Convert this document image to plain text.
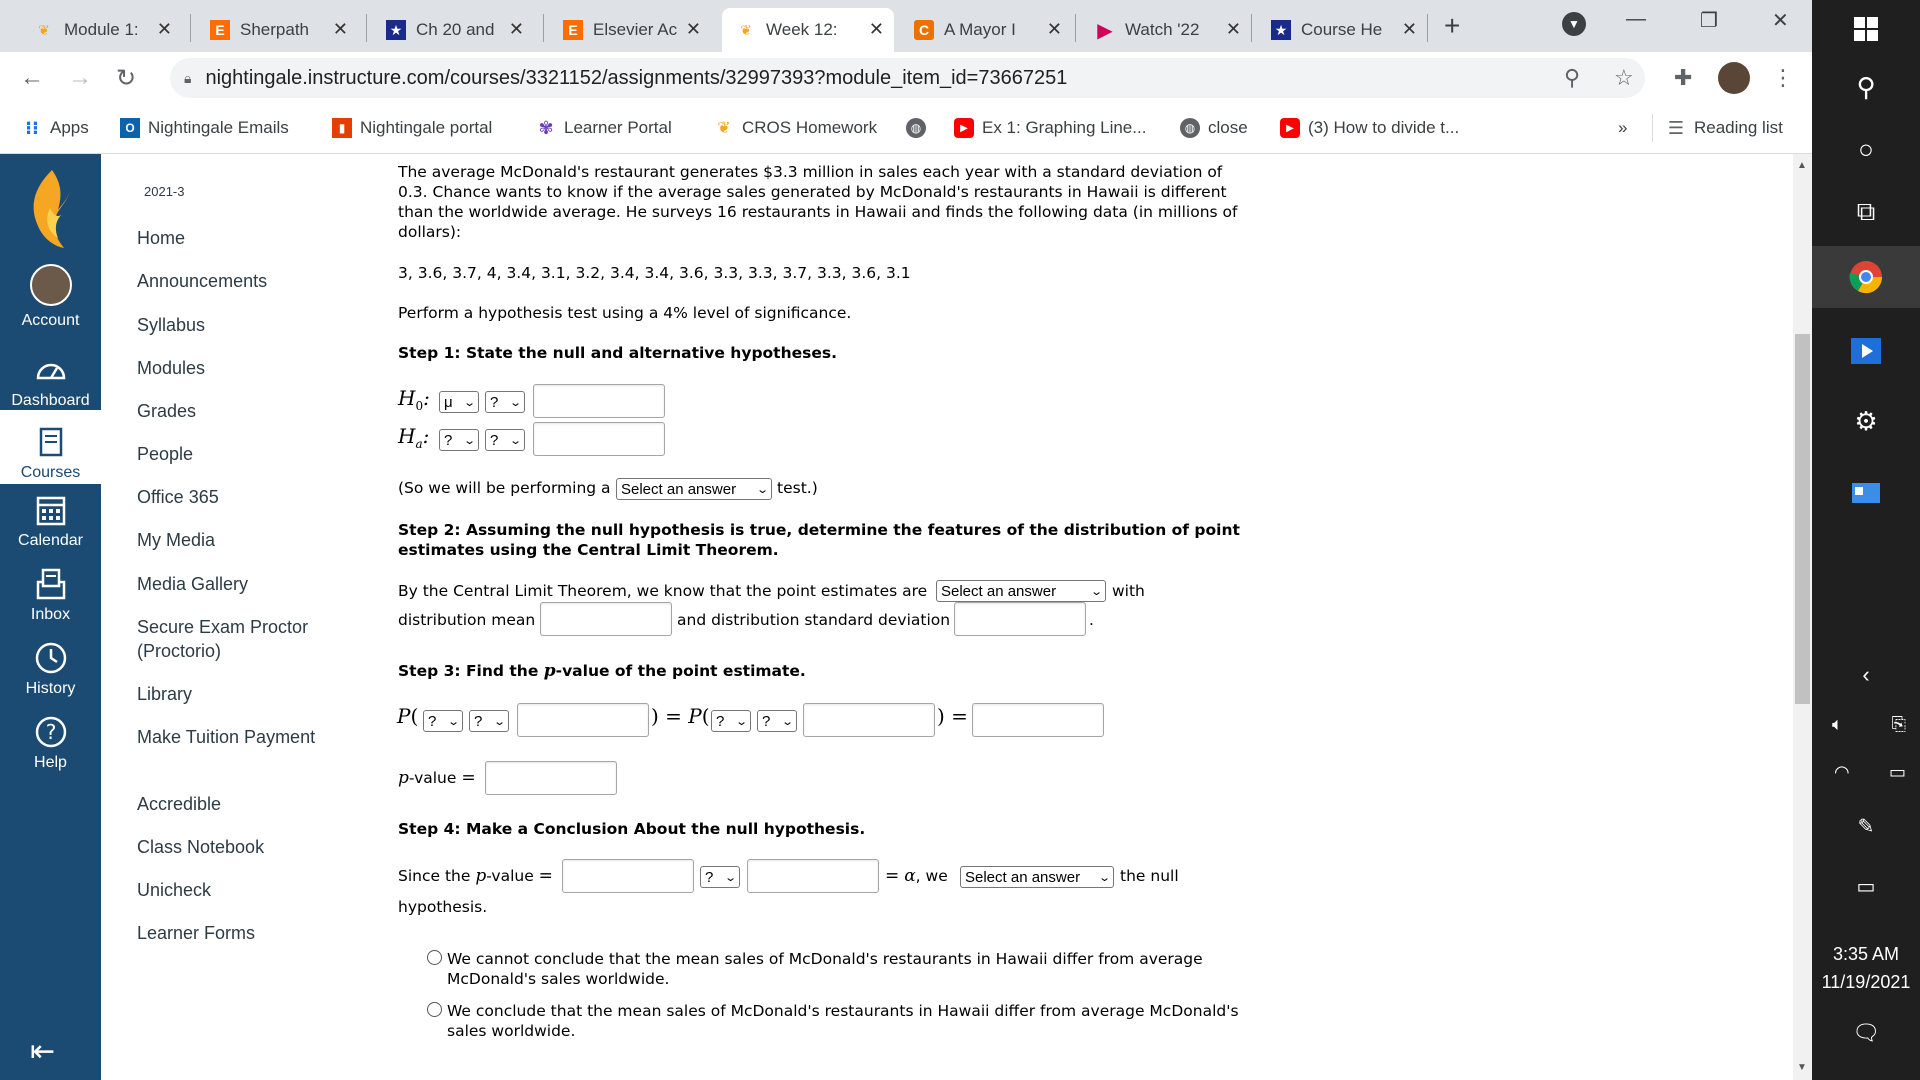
❦ Module 1:	✕	E Sherpath	✕	★ Ch 20 and ✕	E Elsevier Ac ✕	❦ Week 12:	✕	C A Mayor I	✕ ▶ Watch '22	✕ ★ Course He	✕ +	▼	—	❐	✕
← → ↻	🔒︎ nightingale.instructure.com/courses/3321152/assignments/32997393?module_item_id=73667251	⚲ ☆ ✚	⋮
⁝⁝ Apps	O Nightingale Emails	▮ Nightingale portal	✾ Learner Portal	❦ CROS Homework	◍	▶ Ex 1: Graphing Line...	◍ close	▶ (3) How to divide t...	» ☰ Reading list
Account
Dashboard
Courses
Calendar
Inbox
History
?
Help
⇤
2021-3
Home
Announcements
Syllabus
Modules
Grades
People
Office 365
My Media
Media Gallery
Secure Exam Proctor (Proctorio)
Library
Make Tuition Payment
Accredible
Class Notebook
Unicheck
Learner Forms
The average McDonald's restaurant generates $3.3 million in sales each year with a standard deviation of
0.3. Chance wants to know if the average sales generated by McDonald's restaurants in Hawaii is different
than the worldwide average. He surveys 16 restaurants in Hawaii and finds the following data (in millions of
dollars):
3, 3.6, 3.7, 4, 3.4, 3.1, 3.2, 3.4, 3.4, 3.6, 3.3, 3.3, 3.7, 3.3, 3.6, 3.1
Perform a hypothesis test using a 4% level of significance.
Step 1: State the null and alternative hypotheses.
$H_0$: μ ⌄ ? ⌄
$H_a$: ? ⌄ ? ⌄
(So we will be performing a Select an answer ⌄ test.)
Step 2: Assuming the null hypothesis is true, determine the features of the distribution of point
estimates using the Central Limit Theorem.
By the Central Limit Theorem, we know that the point estimates are Select an answer	⌄ with
distribution mean	and distribution standard deviation	.
Step 3: Find the p-value of the point estimate.
P( ? ⌄ ? ⌄	) = P( ? ⌄ ? ⌄	) =
p-value =
Step 4: Make a Conclusion About the null hypothesis.
Since the p-value =	? ⌄	= α, we Select an answer ⌄ the null
hypothesis.
We cannot conclude that the mean sales of McDonald's restaurants in Hawaii differ from average
McDonald's sales worldwide.
We conclude that the mean sales of McDonald's restaurants in Hawaii differ from average McDonald's
sales worldwide.
▲
▼
⚲
○
⧉
⚙
‹
🔈︎	⎘
◠	▭
✎
▭
3:35 AM
11/19/2021
🗨︎
